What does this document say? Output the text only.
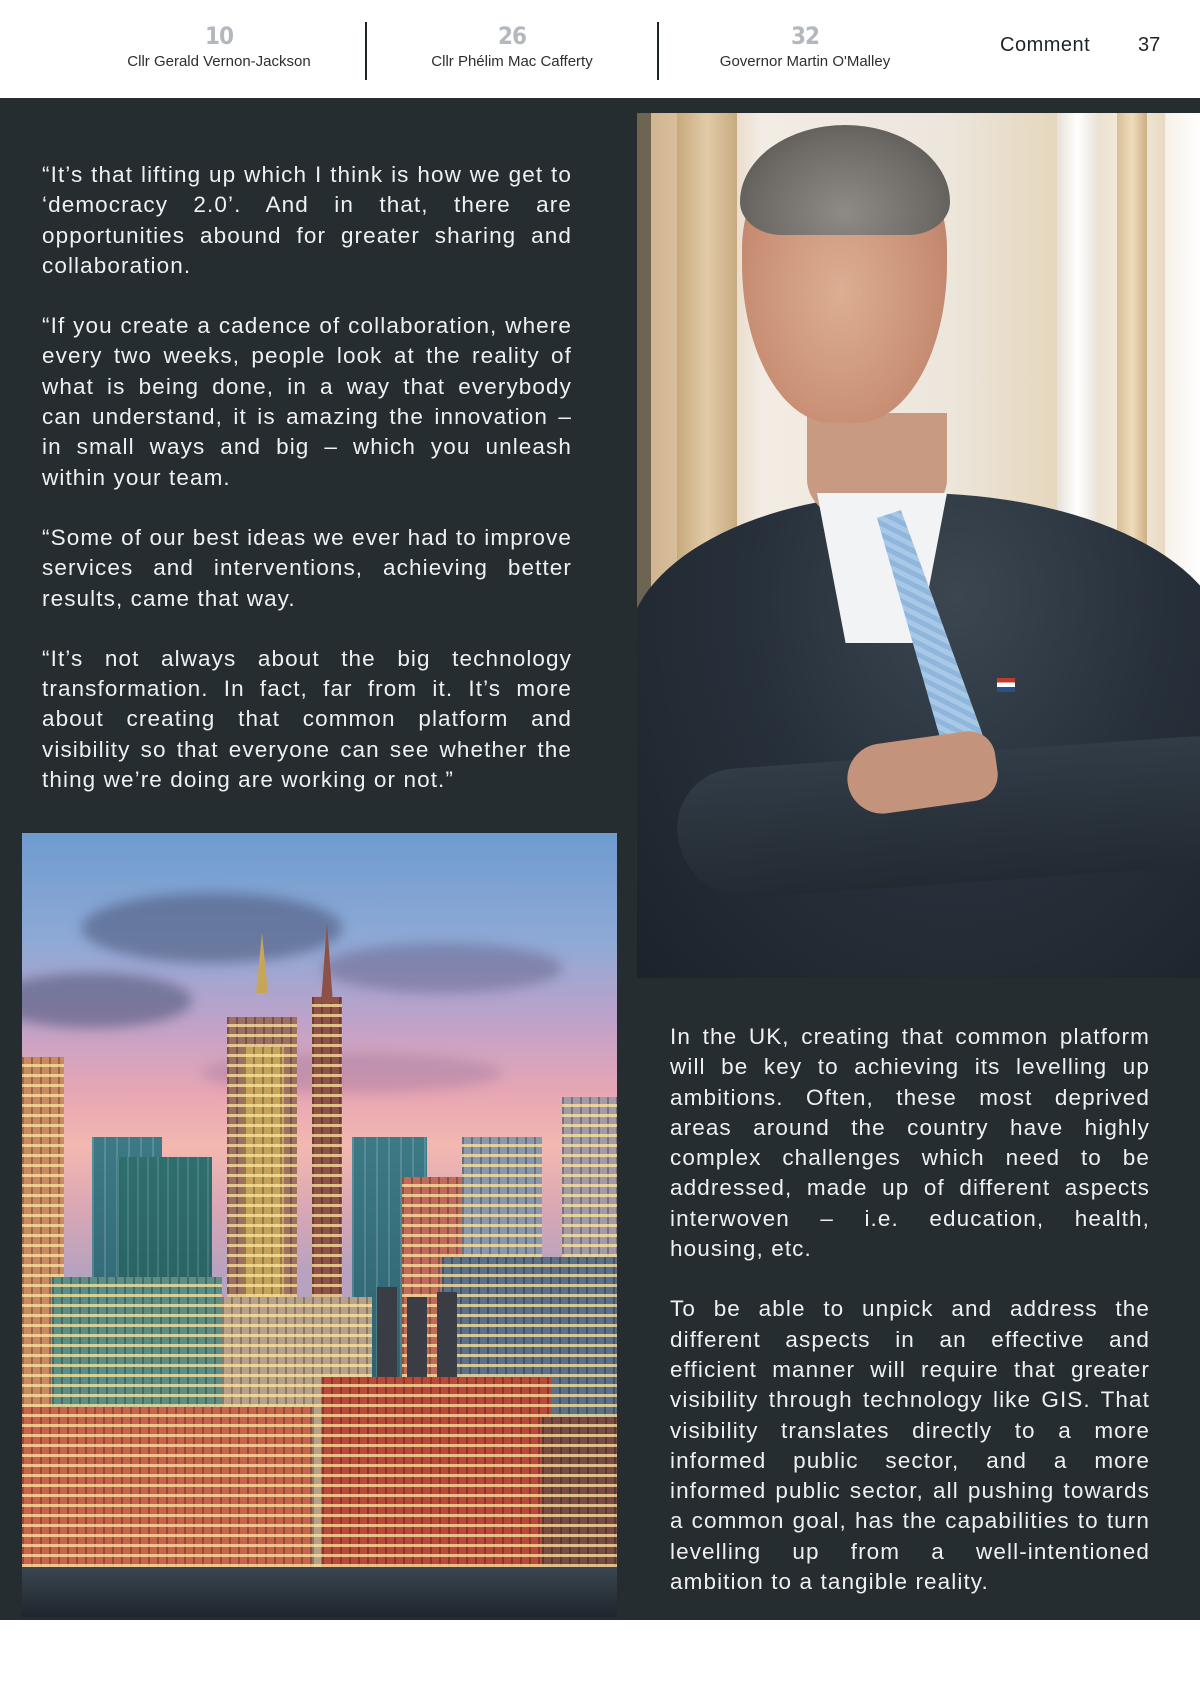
10
Cllr Gerald Vernon-Jackson
26
Cllr Phélim Mac Cafferty
32
Governor Martin O'Malley
Comment 37

“It’s that lifting up which I think is how we get to ‘democracy 2.0’. And in that, there are opportunities abound for greater sharing and collaboration.

“If you create a cadence of collaboration, where every two weeks, people look at the reality of what is being done, in a way that everybody can understand, it is amazing the innovation – in small ways and big – which you unleash within your team.

“Some of our best ideas we ever had to improve services and interventions, achieving better results, came that way.

“It’s not always about the big technology transformation. In fact, far from it. It’s more about creating that common platform and visibility so that everyone can see whether the thing we’re doing are working or not.”

In the UK, creating that common platform will be key to achieving its levelling up ambitions. Often, these most deprived areas around the country have highly complex challenges which need to be addressed, made up of different aspects interwoven – i.e. education, health, housing, etc.

To be able to unpick and address the different aspects in an effective and efficient manner will require that greater visibility through technology like GIS. That visibility translates directly to a more informed public sector, and a more informed public sector, all pushing towards a common goal, has the capabilities to turn levelling up from a well-intentioned ambition to a tangible reality.
